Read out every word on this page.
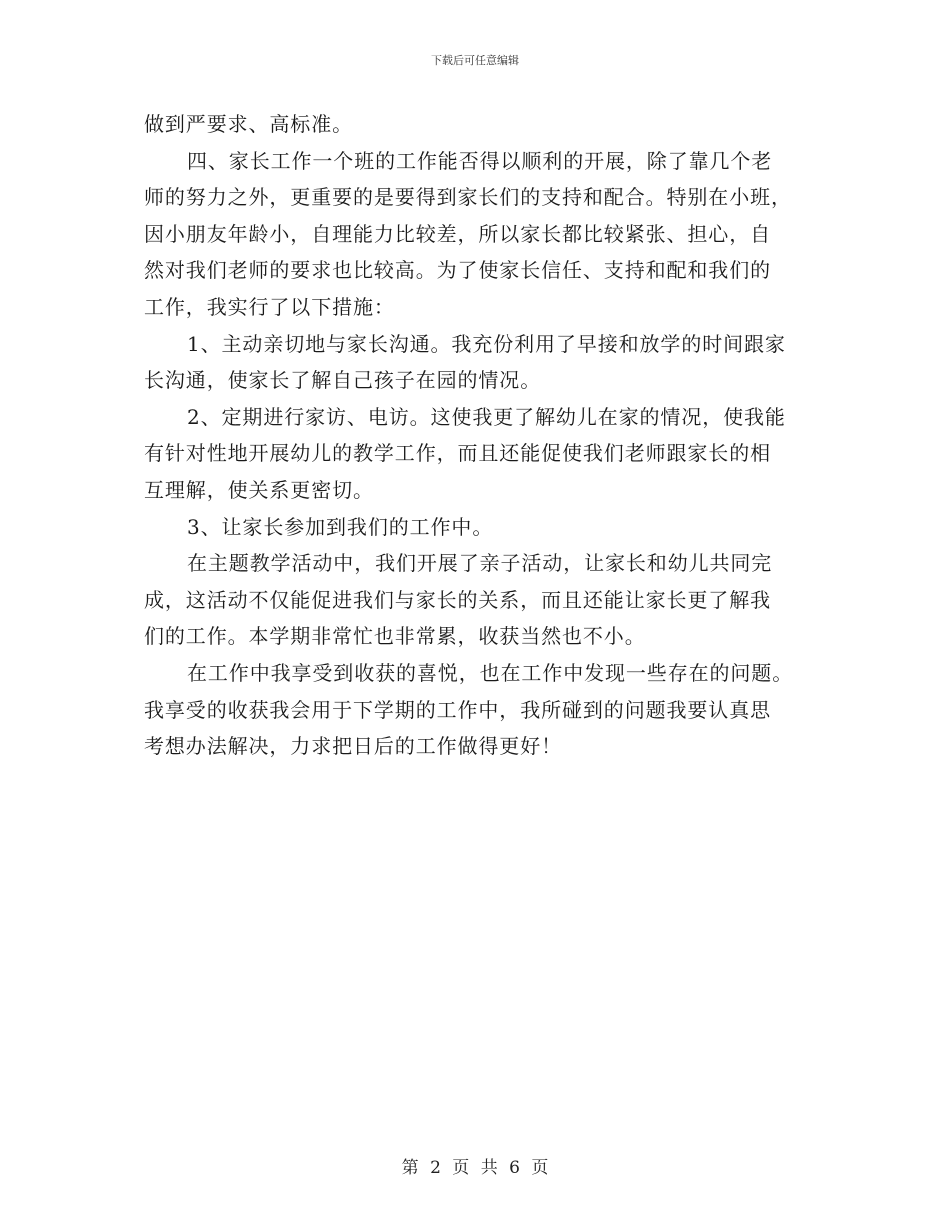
下载后可任意编辑
做到严要求、高标准。
四、家长工作一个班的工作能否得以顺利的开展，除了靠几个老
师的努力之外，更重要的是要得到家长们的支持和配合。特别在小班，
因小朋友年龄小，自理能力比较差，所以家长都比较紧张、担心，自
然对我们老师的要求也比较高。为了使家长信任、支持和配和我们的
工作，我实行了以下措施：
1、主动亲切地与家长沟通。我充份利用了早接和放学的时间跟家
长沟通，使家长了解自己孩子在园的情况。
2、定期进行家访、电访。这使我更了解幼儿在家的情况，使我能
有针对性地开展幼儿的教学工作，而且还能促使我们老师跟家长的相
互理解，使关系更密切。
3、让家长参加到我们的工作中。
在主题教学活动中，我们开展了亲子活动，让家长和幼儿共同完
成，这活动不仅能促进我们与家长的关系，而且还能让家长更了解我
们的工作。本学期非常忙也非常累，收获当然也不小。
在工作中我享受到收获的喜悦，也在工作中发现一些存在的问题。
我享受的收获我会用于下学期的工作中，我所碰到的问题我要认真思
考想办法解决，力求把日后的工作做得更好！
第 2 页 共 6 页
